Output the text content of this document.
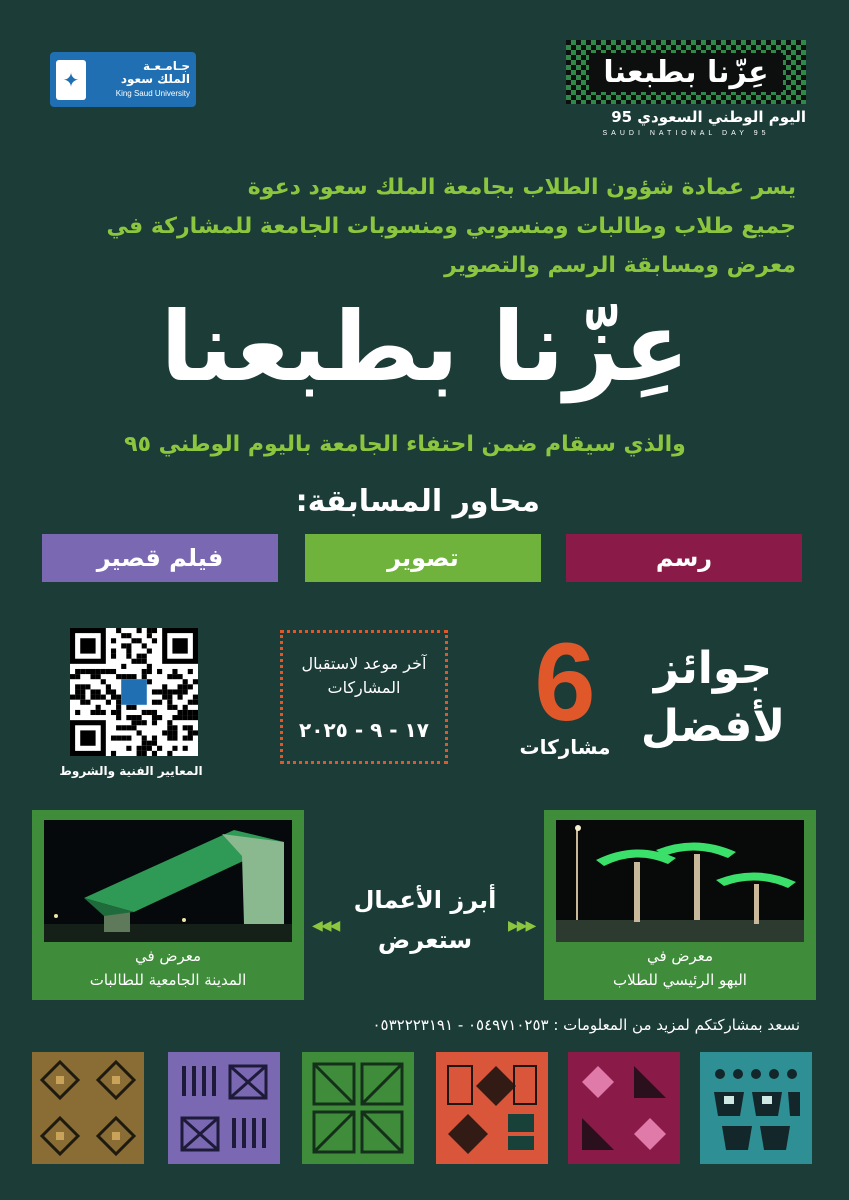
✦
جـامـعـة
الملك سعود
King Saud University
عِزّنا بطبعنا
اليوم الوطني السعودي 95
SAUDI NATIONAL DAY 95
يسر عمادة شؤون الطلاب بجامعة الملك سعود دعوة
جميع طلاب وطالبات ومنسوبي ومنسوبات الجامعة للمشاركة في
معرض ومسابقة الرسم والتصوير
عِزّنا بطبعنا
والذي سيقام ضمن احتفاء الجامعة باليوم الوطني ٩٥
محاور المسابقة:
رسم
تصوير
فيلم قصير
المعايير الفنية والشروط
آخر موعد لاستقبال
المشاركات
١٧ - ٩ - ٢٠٢٥ 6
مشاركات
جوائز لأفضل
معرض في
البهو الرئيسي للطلاب
معرض في
المدينة الجامعية للطالبات
أبرز الأعمال
ستعرض
◀◀◀	▶▶▶
نسعد بمشاركتكم لمزيد من المعلومات : ٠٥٤٩٧١٠٢٥٣ - ٠٥٣٢٢٢٣١٩١
